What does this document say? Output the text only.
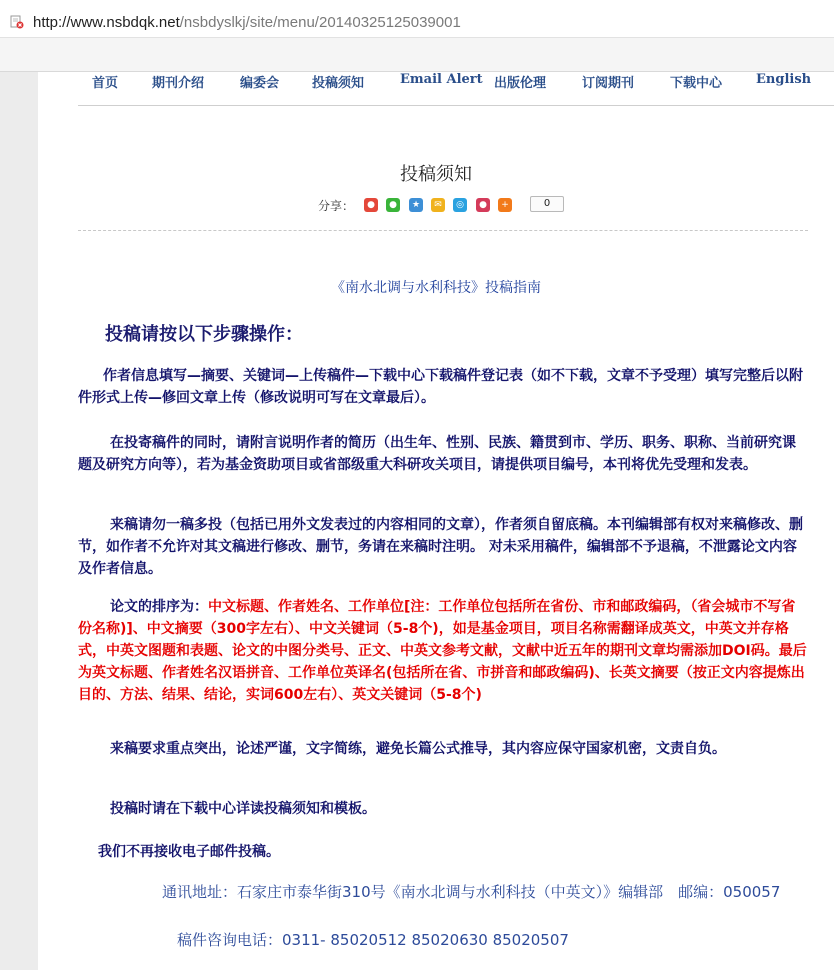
http://www.nsbdqk.net/nsbdyslkj/site/menu/20140325125039001
首页	期刊介绍	编委会	投稿须知	Email Alert 出版伦理	订阅期刊	下载中心	English
投稿须知
分享：	●	●	★	✉	◎	●	+	0
《南水北调与水利科技》投稿指南
投稿请按以下步骤操作：
作者信息填写—摘要、关键词—上传稿件—下载中心下载稿件登记表（如不下载，文章不予受理）填写完整后以附件形式上传—修回文章上传（修改说明可写在文章最后）。
在投寄稿件的同时，请附言说明作者的简历（出生年、性别、民族、籍贯到市、学历、职务、职称、当前研究课题及研究方向等），若为基金资助项目或省部级重大科研攻关项目，请提供项目编号，本刊将优先受理和发表。
来稿请勿一稿多投（包括已用外文发表过的内容相同的文章），作者须自留底稿。本刊编辑部有权对来稿修改、删节，如作者不允许对其文稿进行修改、删节，务请在来稿时注明。 对未采用稿件，编辑部不予退稿，不泄露论文内容及作者信息。
论文的排序为：中文标题、作者姓名、工作单位[注：工作单位包括所在省份、市和邮政编码，（省会城市不写省份名称)]、中文摘要（300字左右）、中文关键词（5-8个)，如是基金项目，项目名称需翻译成英文，中英文并存格式，中英文图题和表题、论文的中图分类号、正文、中英文参考文献，文献中近五年的期刊文章均需添加DOI码。最后为英文标题、作者姓名汉语拼音、工作单位英译名(包括所在省、市拼音和邮政编码)、长英文摘要（按正文内容提炼出目的、方法、结果、结论，实词600左右）、英文关键词（5-8个)
来稿要求重点突出，论述严谨，文字简练，避免长篇公式推导，其内容应保守国家机密，文责自负。
投稿时请在下载中心详读投稿须知和模板。
我们不再接收电子邮件投稿。
通讯地址：石家庄市泰华街310号《南水北调与水利科技（中英文）》编辑部　邮编：050057
稿件咨询电话：0311- 85020512 85020630 85020507
